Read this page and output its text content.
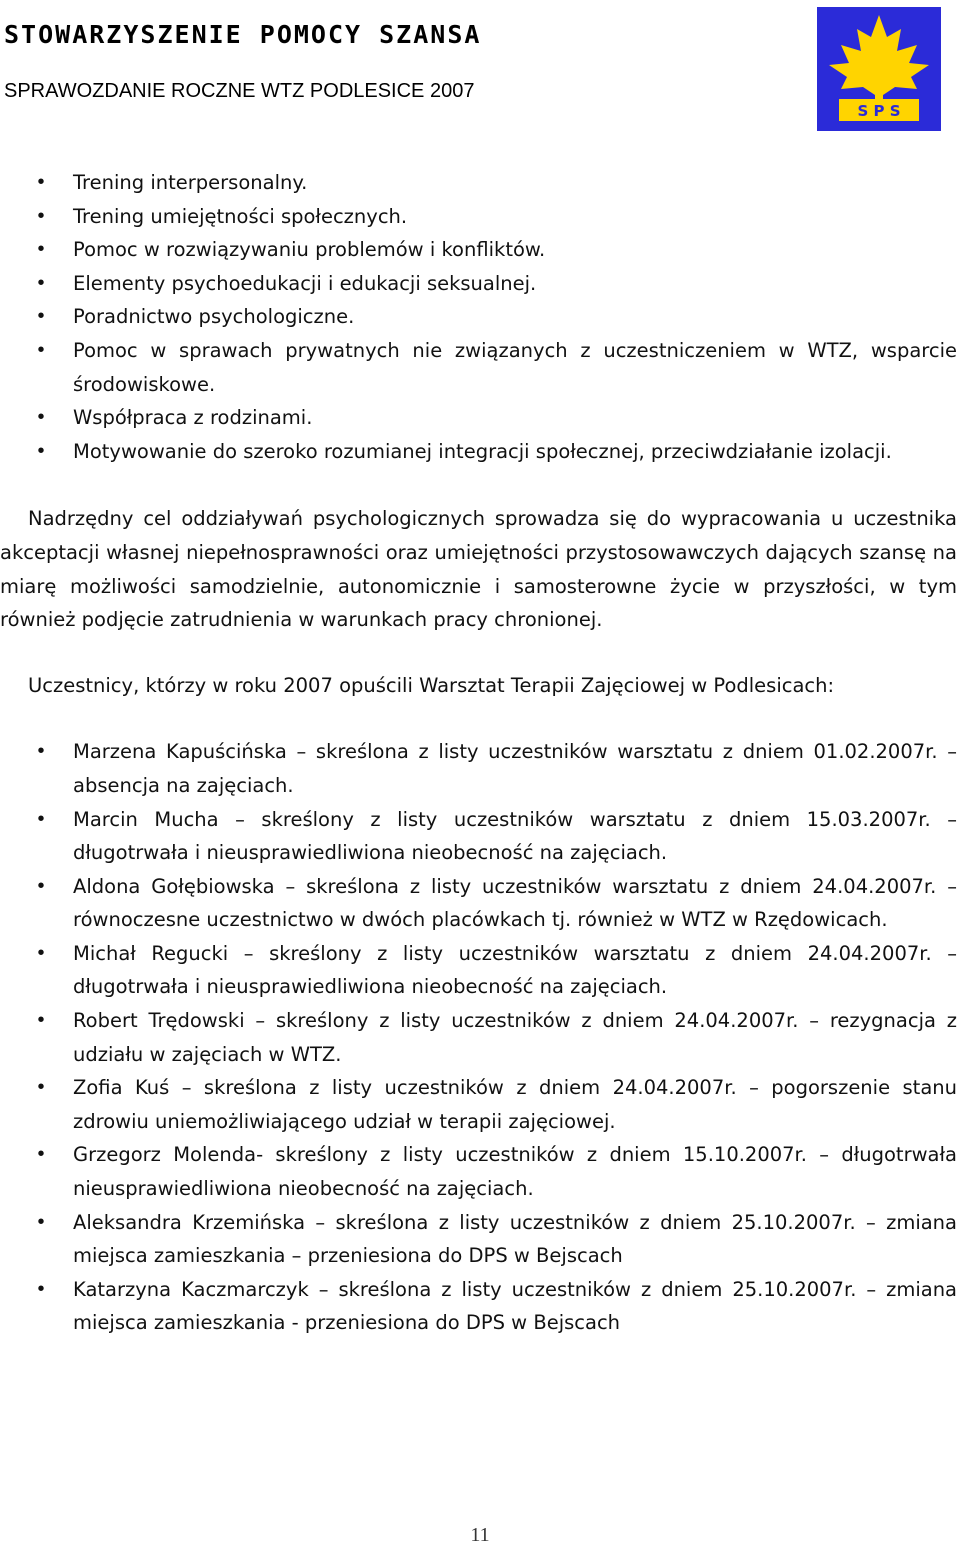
STOWARZYSZENIE POMOCY SZANSA
SPRAWOZDANIE ROCZNE WTZ PODLESICE 2007
S P S
• Trening interpersonalny.
• Trening umiejętności społecznych.
• Pomoc w rozwiązywaniu problemów i konfliktów.
• Elementy psychoedukacji i edukacji seksualnej.
• Poradnictwo psychologiczne.
• Pomoc w sprawach prywatnych nie związanych z uczestniczeniem w WTZ, wsparcie środowiskowe.
• Współpraca z rodzinami.
• Motywowanie do szeroko rozumianej integracji społecznej, przeciwdziałanie izolacji.

Nadrzędny cel oddziaływań psychologicznych sprowadza się do wypracowania u uczestnika akceptacji własnej niepełnosprawności oraz umiejętności przystosowawczych dających szansę na miarę możliwości samodzielnie, autonomicznie i samosterowne życie w przyszłości, w tym również podjęcie zatrudnienia w warunkach pracy chronionej.

Uczestnicy, którzy w roku 2007 opuścili Warsztat Terapii Zajęciowej w Podlesicach:

• Marzena Kapuścińska – skreślona z listy uczestników warsztatu z dniem 01.02.2007r. – absencja na zajęciach.
• Marcin Mucha – skreślony z listy uczestników warsztatu z dniem 15.03.2007r. – długotrwała i nieusprawiedliwiona nieobecność na zajęciach.
• Aldona Gołębiowska – skreślona z listy uczestników warsztatu z dniem 24.04.2007r. – równoczesne uczestnictwo w dwóch placówkach tj. również w WTZ w Rzędowicach.
• Michał Regucki – skreślony z listy uczestników warsztatu z dniem 24.04.2007r. – długotrwała i nieusprawiedliwiona nieobecność na zajęciach.
• Robert Trędowski – skreślony z listy uczestników z dniem 24.04.2007r. – rezygnacja z udziału w zajęciach w WTZ.
• Zofia Kuś – skreślona z listy uczestników z dniem 24.04.2007r. – pogorszenie stanu zdrowiu uniemożliwiającego udział w terapii zajęciowej.
• Grzegorz Molenda- skreślony z listy uczestników z dniem 15.10.2007r. – długotrwała nieusprawiedliwiona nieobecność na zajęciach.
• Aleksandra Krzemińska – skreślona z listy uczestników z dniem 25.10.2007r. – zmiana miejsca zamieszkania – przeniesiona do DPS w Bejscach
• Katarzyna Kaczmarczyk – skreślona z listy uczestników z dniem 25.10.2007r. – zmiana miejsca zamieszkania - przeniesiona do DPS w Bejscach
11
